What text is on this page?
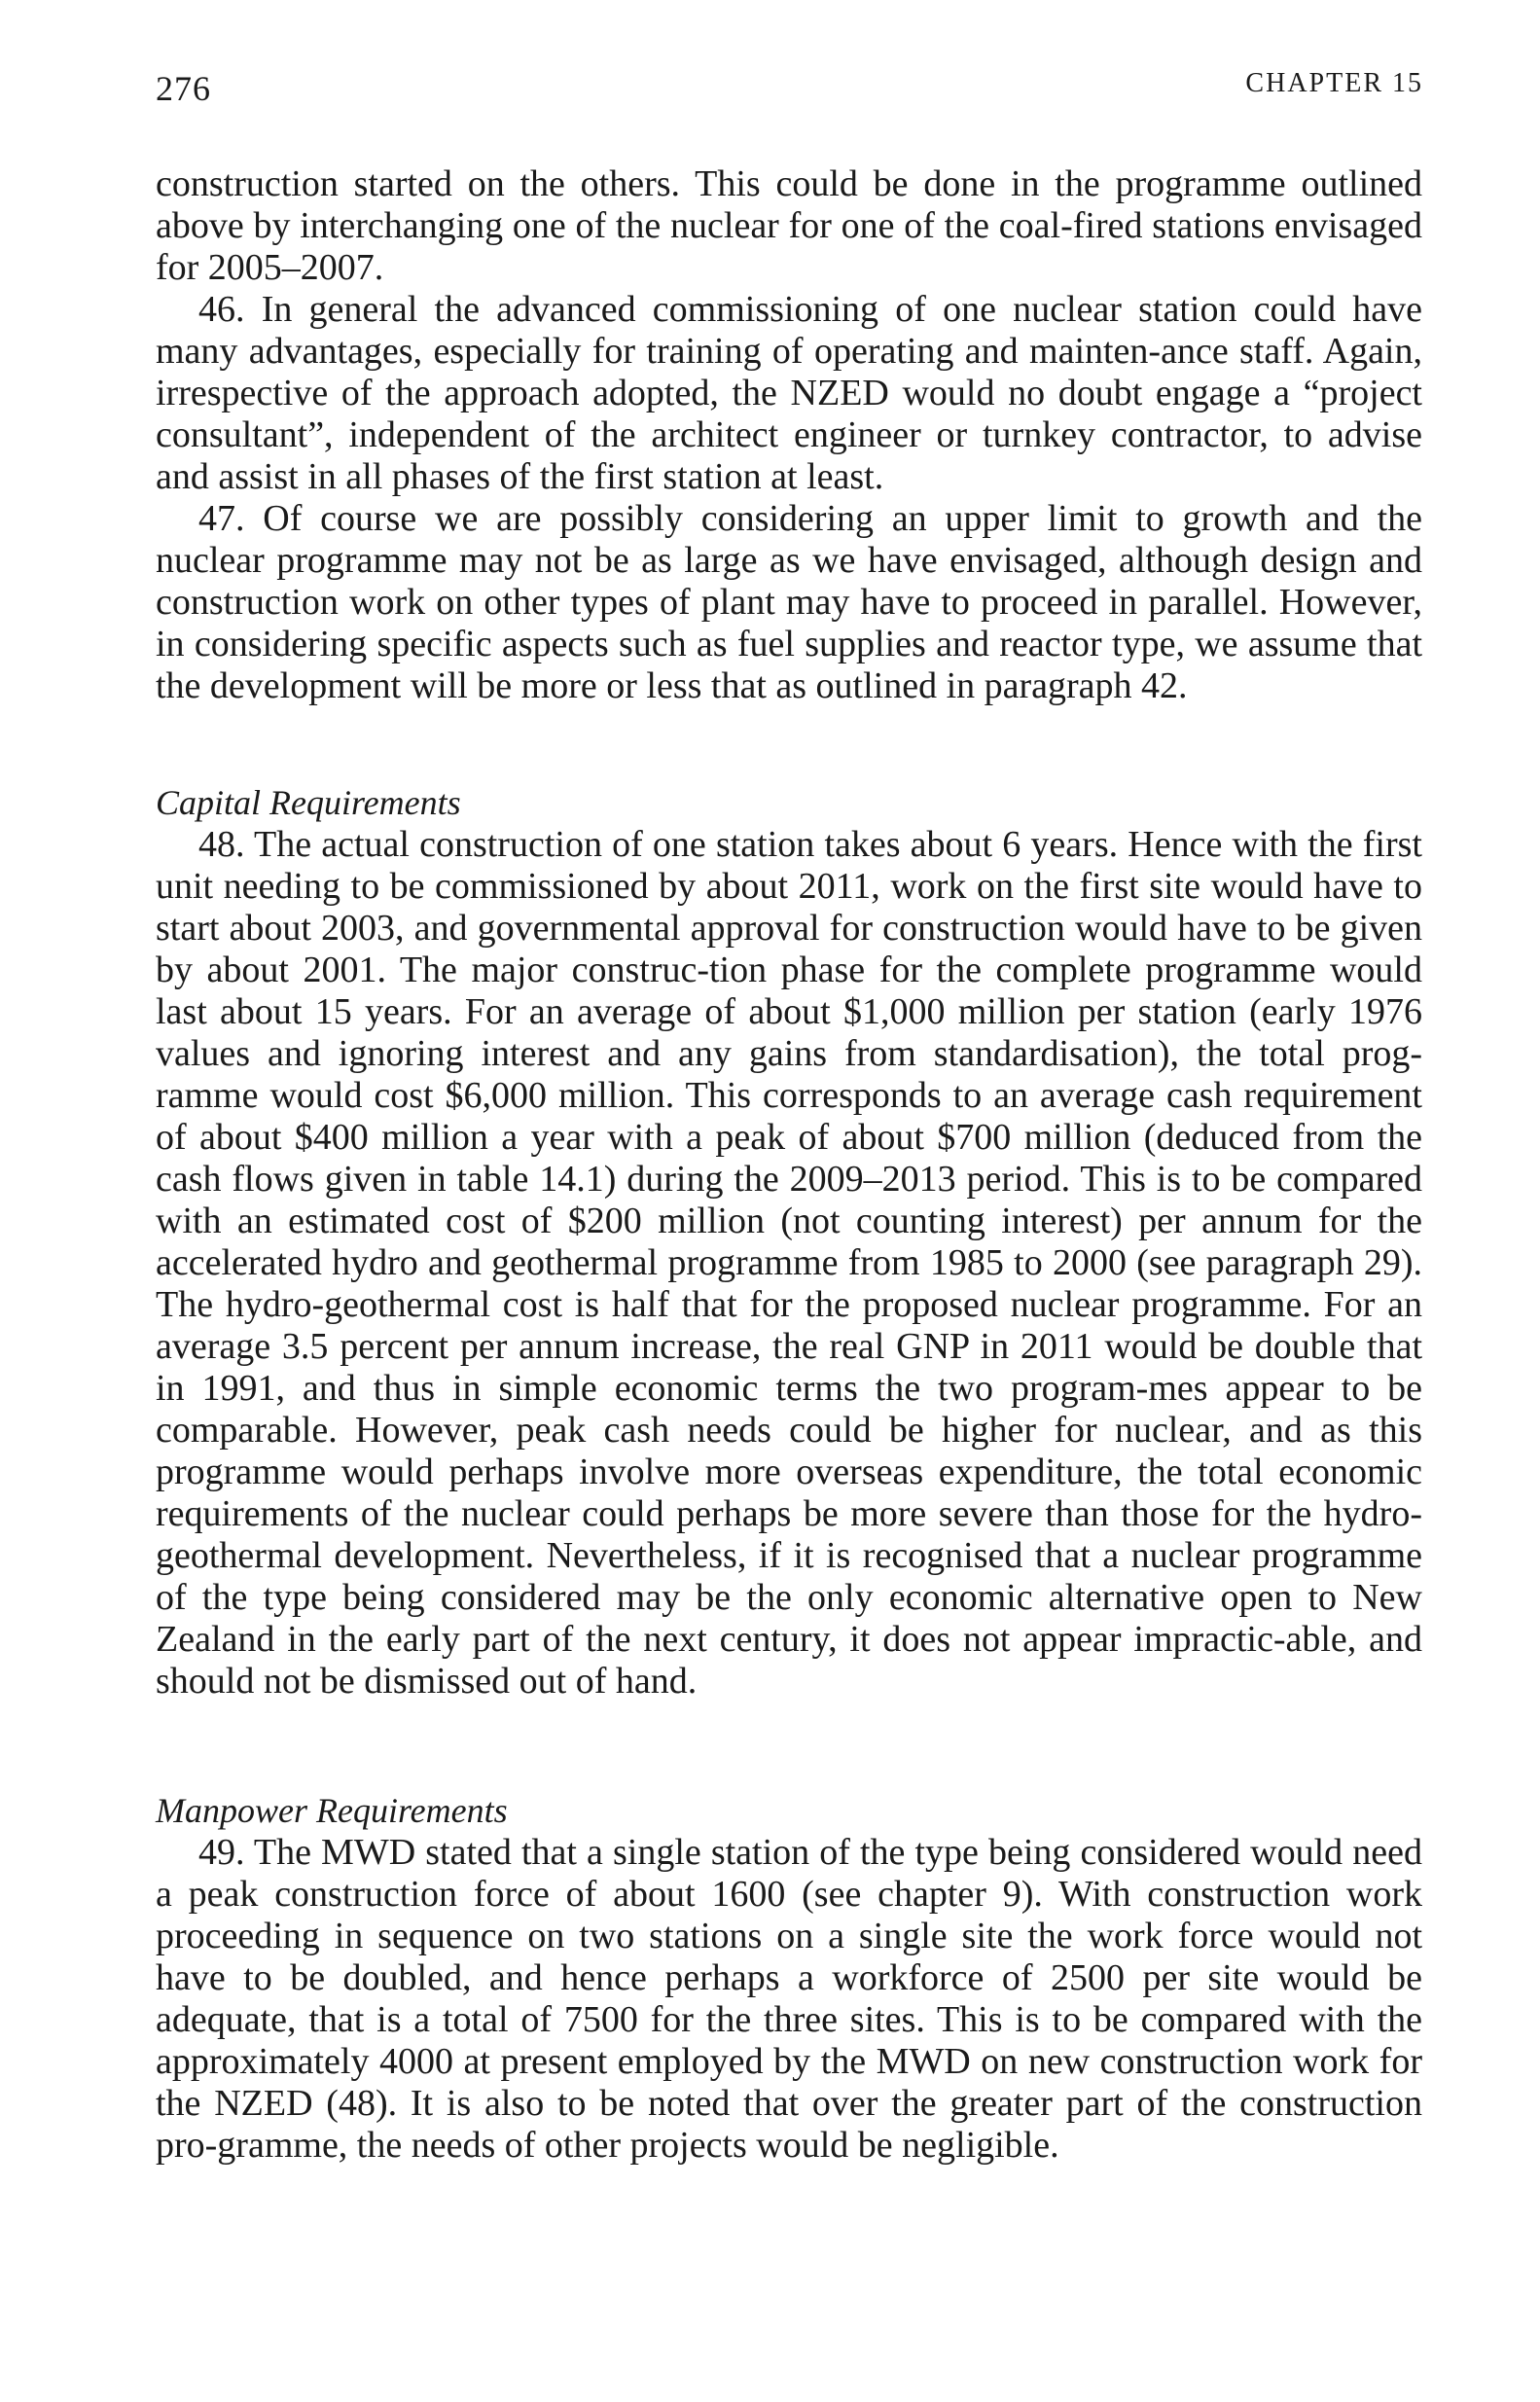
276	CHAPTER 15

construction started on the others. This could be done in the programme outlined above by interchanging one of the nuclear for one of the coal-fired stations envisaged for 2005–2007.

46. In general the advanced commissioning of one nuclear station could have many advantages, especially for training of operating and mainten-ance staff. Again, irrespective of the approach adopted, the NZED would no doubt engage a “project consultant”, independent of the architect engineer or turnkey contractor, to advise and assist in all phases of the first station at least.

47. Of course we are possibly considering an upper limit to growth and the nuclear programme may not be as large as we have envisaged, although design and construction work on other types of plant may have to proceed in parallel. However, in considering specific aspects such as fuel supplies and reactor type, we assume that the development will be more or less that as outlined in paragraph 42.

Capital Requirements

48. The actual construction of one station takes about 6 years. Hence with the first unit needing to be commissioned by about 2011, work on the first site would have to start about 2003, and governmental approval for construction would have to be given by about 2001. The major construc-tion phase for the complete programme would last about 15 years. For an average of about $1,000 million per station (early 1976 values and ignoring interest and any gains from standardisation), the total prog-ramme would cost $6,000 million. This corresponds to an average cash requirement of about $400 million a year with a peak of about $700 million (deduced from the cash flows given in table 14.1) during the 2009–2013 period. This is to be compared with an estimated cost of $200 million (not counting interest) per annum for the accelerated hydro and geothermal programme from 1985 to 2000 (see paragraph 29). The hydro-geothermal cost is half that for the proposed nuclear programme. For an average 3.5 percent per annum increase, the real GNP in 2011 would be double that in 1991, and thus in simple economic terms the two program-mes appear to be comparable. However, peak cash needs could be higher for nuclear, and as this programme would perhaps involve more overseas expenditure, the total economic requirements of the nuclear could perhaps be more severe than those for the hydro-geothermal development. Nevertheless, if it is recognised that a nuclear programme of the type being considered may be the only economic alternative open to New Zealand in the early part of the next century, it does not appear impractic-able, and should not be dismissed out of hand.

Manpower Requirements

49. The MWD stated that a single station of the type being considered would need a peak construction force of about 1600 (see chapter 9). With construction work proceeding in sequence on two stations on a single site the work force would not have to be doubled, and hence perhaps a workforce of 2500 per site would be adequate, that is a total of 7500 for the three sites. This is to be compared with the approximately 4000 at present employed by the MWD on new construction work for the NZED (48). It is also to be noted that over the greater part of the construction pro-gramme, the needs of other projects would be negligible.
